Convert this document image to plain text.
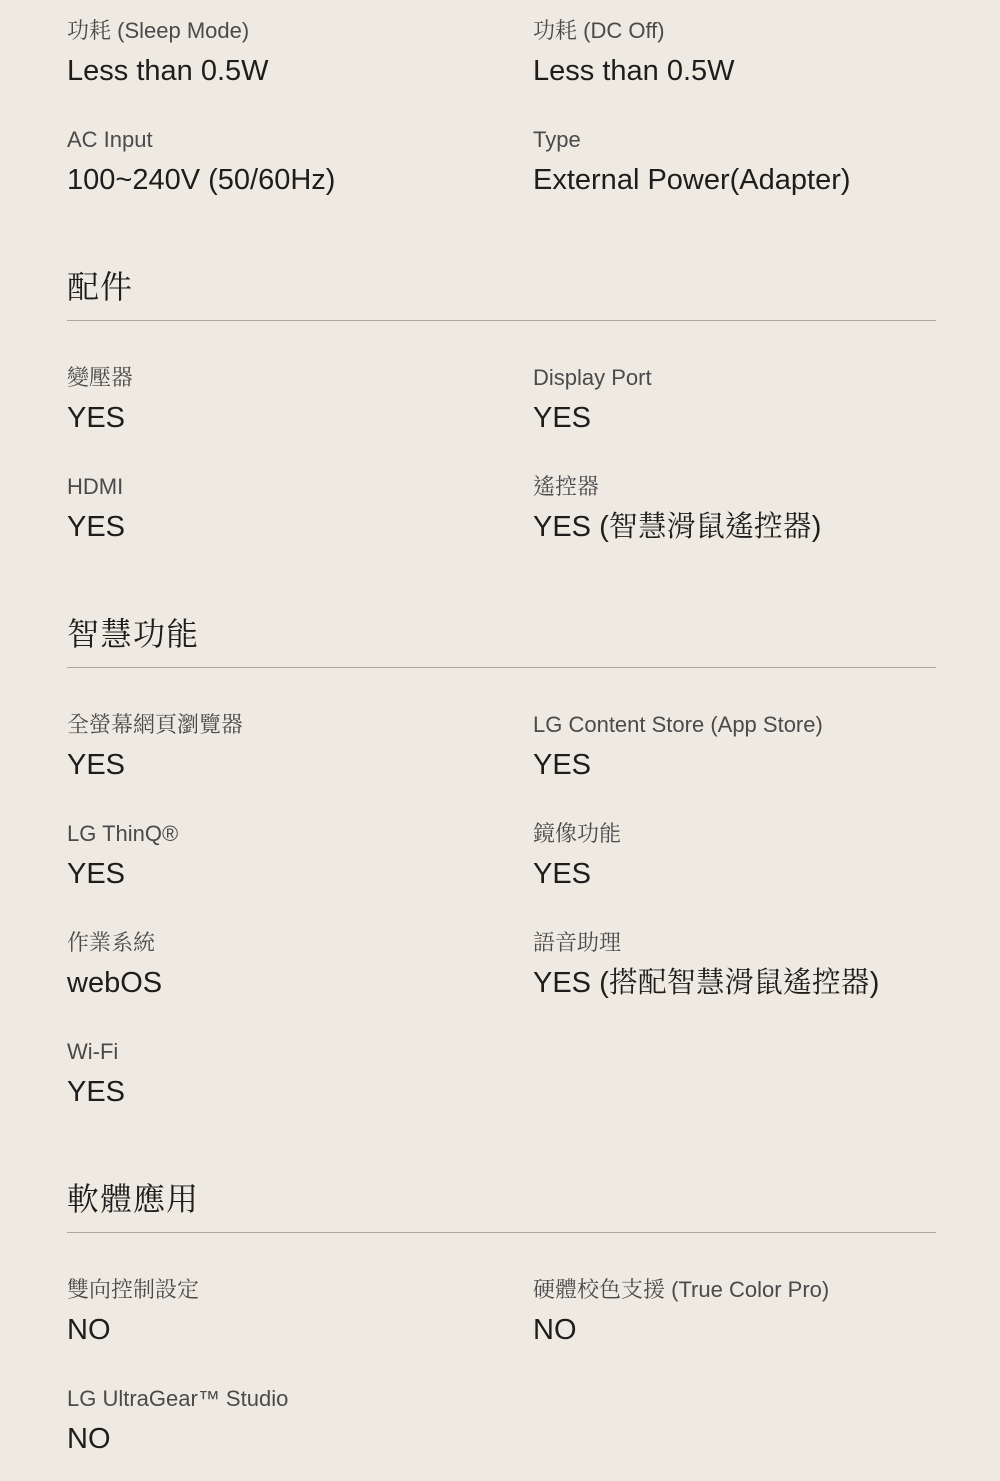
功耗 (Sleep Mode)
Less than 0.5W
功耗 (DC Off)
Less than 0.5W
AC Input
100~240V (50/60Hz)
Type
External Power(Adapter)
配件
變壓器
YES
Display Port
YES
HDMI
YES
遙控器
YES (智慧滑鼠遙控器)
智慧功能
全螢幕網頁瀏覽器
YES
LG Content Store (App Store)
YES
LG ThinQ®
YES
鏡像功能
YES
作業系統
webOS
語音助理
YES (搭配智慧滑鼠遙控器)
Wi-Fi
YES
軟體應用
雙向控制設定
NO
硬體校色支援 (True Color Pro)
NO
LG UltraGear™ Studio
NO
